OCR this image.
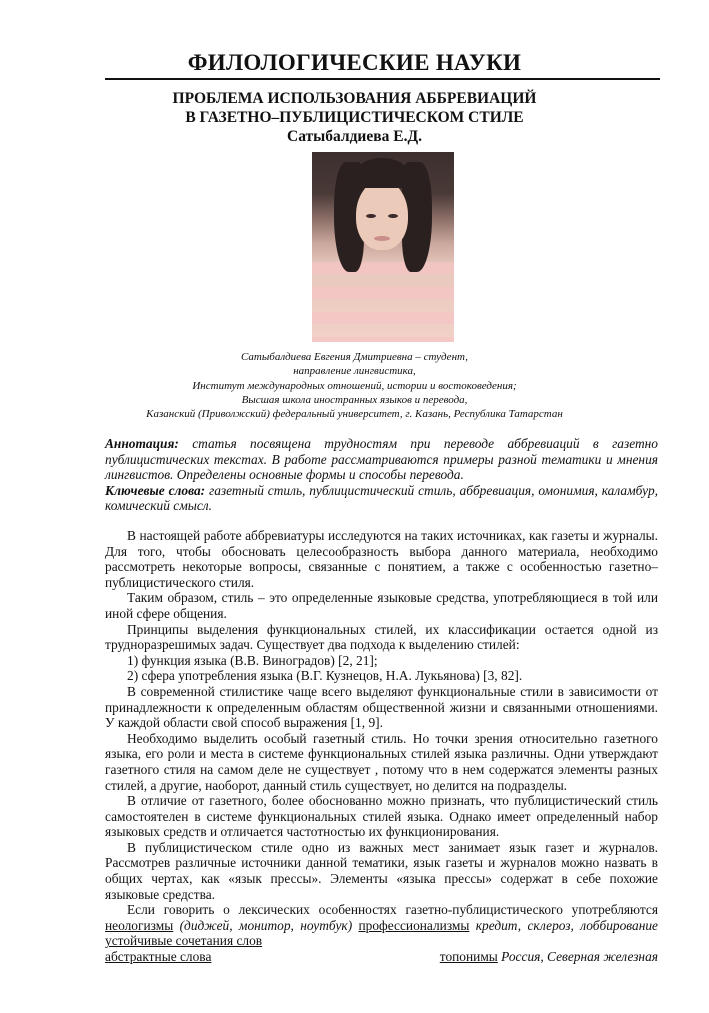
ФИЛОЛОГИЧЕСКИЕ НАУКИ
ПРОБЛЕМА ИСПОЛЬЗОВАНИЯ АББРЕВИАЦИЙ
В ГАЗЕТНО–ПУБЛИЦИСТИЧЕСКОМ СТИЛЕ
Сатыбалдиева Е.Д.
Сатыбалдиева Евгения Дмитриевна – студент,
направление лингвистика,
Институт международных отношений, истории и востоковедения;
Высшая школа иностранных языков и перевода,
Казанский (Приволжский) федеральный университет, г. Казань, Республика Татарстан
Аннотация: статья посвящена трудностям при переводе аббревиаций в газетно публицистических текстах. В работе рассматриваются примеры разной тематики и мнения лингвистов. Определены основные формы и способы перевода.
Ключевые слова: газетный стиль, публицистический стиль, аббревиация, омонимия, каламбур, комический смысл.

В настоящей работе аббревиатуры исследуются на таких источниках, как газеты и журналы. Для того, чтобы обосновать целесообразность выбора данного материала, необходимо рассмотреть некоторые вопросы, связанные с понятием, а также с особенностью газетно–публицистического стиля.

Таким образом, стиль – это определенные языковые средства, употребляющиеся в той или иной сфере общения.

Принципы выделения функциональных стилей, их классификации остается одной из трудноразрешимых задач. Существует два подхода к выделению стилей:

1) функция языка (В.В. Виноградов) [2, 21];

2) сфера употребления языка (В.Г. Кузнецов, Н.А. Лукьянова) [3, 82].

В современной стилистике чаще всего выделяют функциональные стили в зависимости от принадлежности к определенным областям общественной жизни и связанными отношениями. У каждой области свой способ выражения [1, 9].

Необходимо выделить особый газетный стиль. Но точки зрения относительно газетного языка, его роли и места в системе функциональных стилей языка различны. Одни утверждают газетного стиля на самом деле не существует , потому что в нем содержатся элементы разных стилей, а другие, наоборот, данный стиль существует, но делится на подразделы.

В отличие от газетного, более обоснованно можно признать, что публицистический стиль самостоятелен в системе функциональных стилей языка. Однако имеет определенный набор языковых средств и отличается частотностью их функционирования.

В публицистическом стиле одно из важных мест занимает язык газет и журналов. Рассмотрев различные источники данной тематики, язык газеты и журналов можно назвать в общих чертах, как «язык прессы». Элементы «языка прессы» содержат в себе похожие языковые средства.

Если говорить о лексических особенностях газетно-публицистического употребляются неологизмы (диджей, монитор, ноутбук) профессионализмы кредит, склероз, лоббирование устойчивые сочетания слов

абстрактные слова	топонимы Россия, Северная железная
